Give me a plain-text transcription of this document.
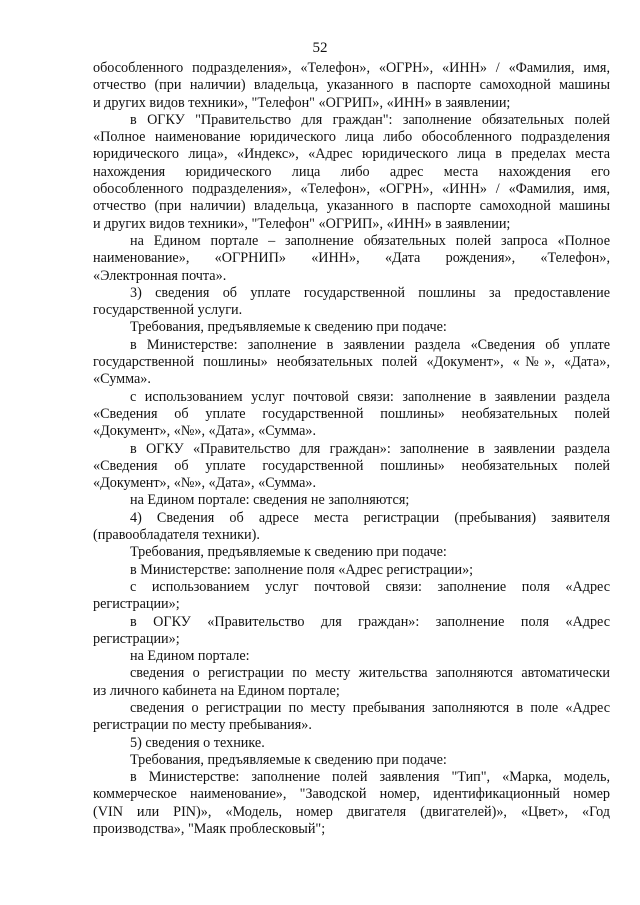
52
обособленного подразделения», «Телефон», «ОГРН», «ИНН» / «Фамилия, имя,
отчество (при наличии) владельца, указанного в паспорте самоходной машины
и других видов техники», "Телефон" «ОГРИП», «ИНН» в заявлении;
в ОГКУ "Правительство для граждан": заполнение обязательных полей
«Полное наименование юридического лица либо обособленного подразделения
юридического лица», «Индекс», «Адрес юридического лица в пределах места
нахождения юридического лица либо адрес места нахождения его
обособленного подразделения», «Телефон», «ОГРН», «ИНН» / «Фамилия, имя,
отчество (при наличии) владельца, указанного в паспорте самоходной машины
и других видов техники», "Телефон" «ОГРИП», «ИНН» в заявлении;
на Едином портале – заполнение обязательных полей запроса «Полное
наименование», «ОГРНИП» «ИНН», «Дата рождения», «Телефон»,
«Электронная почта».
3) сведения об уплате государственной пошлины за предоставление
государственной услуги.
Требования, предъявляемые к сведению при подаче:
в Министерстве: заполнение в заявлении раздела «Сведения об уплате
государственной пошлины» необязательных полей «Документ», «№», «Дата»,
«Сумма».
с использованием услуг почтовой связи: заполнение в заявлении раздела
«Сведения об уплате государственной пошлины» необязательных полей
«Документ», «№», «Дата», «Сумма».
в ОГКУ «Правительство для граждан»: заполнение в заявлении раздела
«Сведения об уплате государственной пошлины» необязательных полей
«Документ», «№», «Дата», «Сумма».
на Едином портале: сведения не заполняются;
4) Сведения об адресе места регистрации (пребывания) заявителя
(правообладателя техники).
Требования, предъявляемые к сведению при подаче:
в Министерстве: заполнение поля «Адрес регистрации»;
с использованием услуг почтовой связи: заполнение поля «Адрес
регистрации»;
в ОГКУ «Правительство для граждан»: заполнение поля «Адрес
регистрации»;
на Едином портале:
сведения о регистрации по месту жительства заполняются автоматически
из личного кабинета на Едином портале;
сведения о регистрации по месту пребывания заполняются в поле «Адрес
регистрации по месту пребывания».
5) сведения о технике.
Требования, предъявляемые к сведению при подаче:
в Министерстве: заполнение полей заявления "Тип", «Марка, модель,
коммерческое наименование», "Заводской номер, идентификационный номер
(VIN или PIN)», «Модель, номер двигателя (двигателей)», «Цвет», «Год
производства», "Маяк проблесковый";
